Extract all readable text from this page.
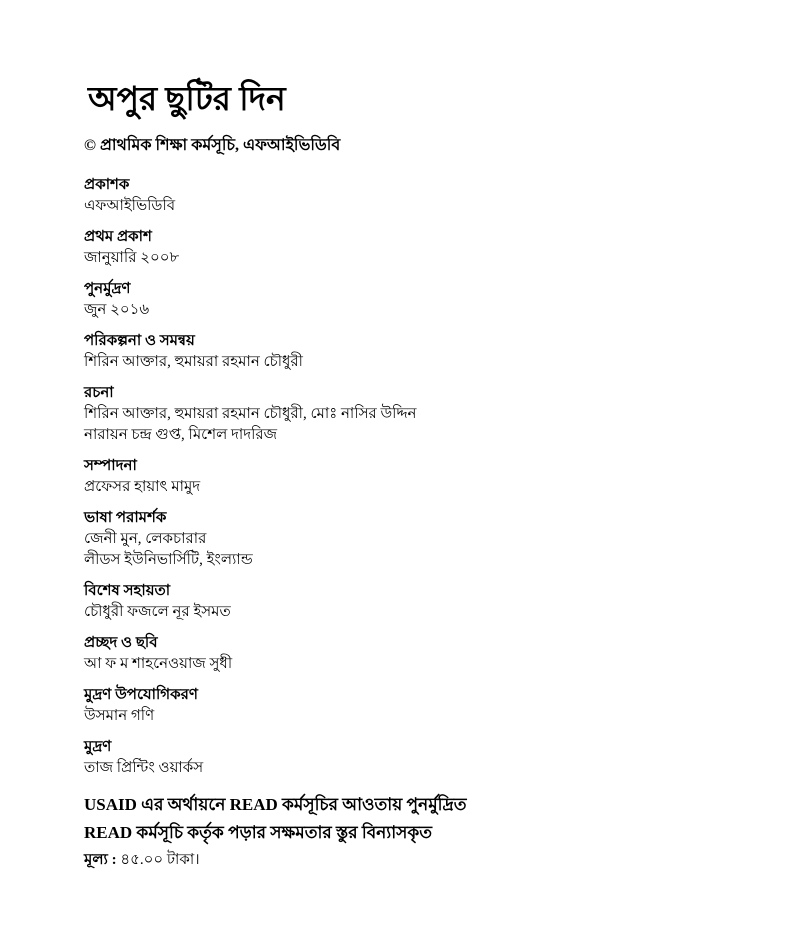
অপুর ছুটির দিন
© প্রাথমিক শিক্ষা কর্মসূচি, এফআইভিডিবি
প্রকাশক
এফআইভিডিবি
প্রথম প্রকাশ
জানুয়ারি ২০০৮
পুনর্মুদ্রণ
জুন ২০১৬
পরিকল্পনা ও সমন্বয়
শিরিন আক্তার, হুমায়রা রহমান চৌধুরী
রচনা
শিরিন আক্তার, হুমায়রা রহমান চৌধুরী, মোঃ নাসির উদ্দিন
নারায়ন চন্দ্র গুপ্ত, মিশেল দাদরিজ
সম্পাদনা
প্রফেসর হায়াৎ মামুদ
ভাষা পরামর্শক
জেনী মুন, লেকচারার
লীডস ইউনিভার্সিটি, ইংল্যান্ড
বিশেষ সহায়তা
চৌধুরী ফজলে নূর ইসমত
প্রচ্ছদ ও ছবি
আ ফ ম শাহনেওয়াজ সুধী
মুদ্রণ উপযোগিকরণ
উসমান গণি
মুদ্রণ
তাজ প্রিন্টিং ওয়ার্কস
USAID এর অর্থায়নে READ কর্মসূচির আওতায় পুনর্মুদ্রিত
READ কর্মসূচি কর্তৃক পড়ার সক্ষমতার স্তুর বিন্যাসকৃত
মূল্য : ৪৫.০০ টাকা।
